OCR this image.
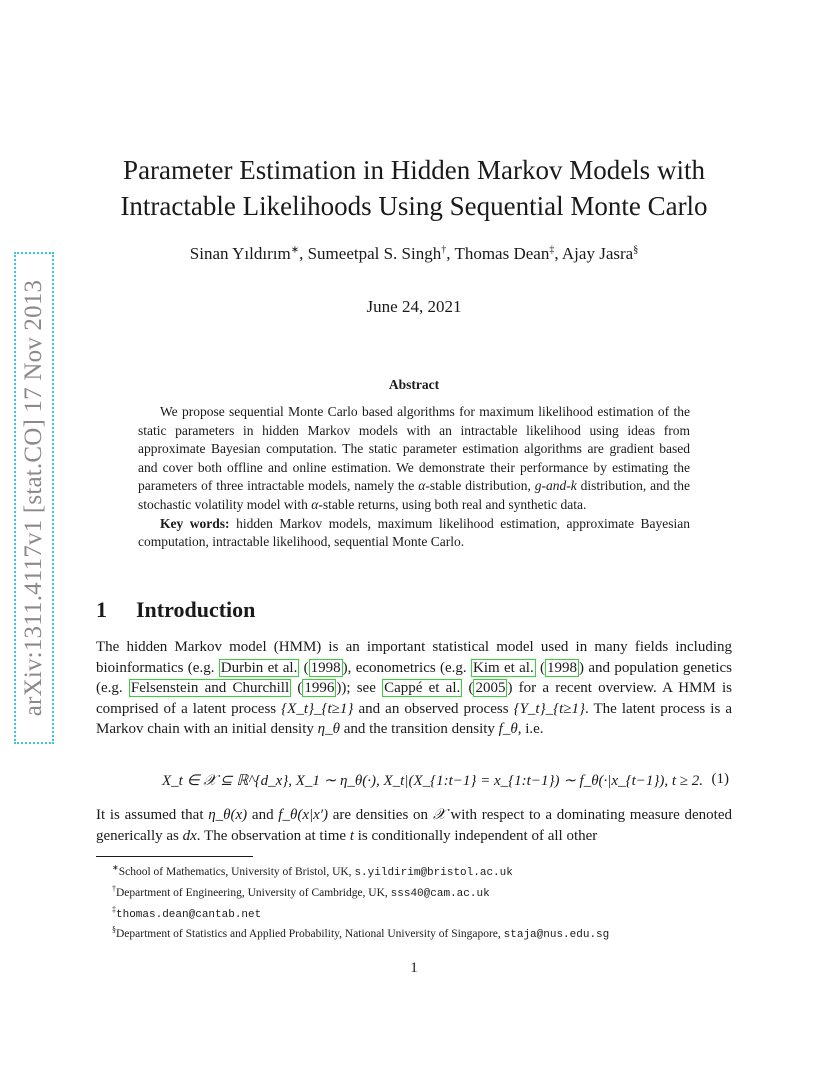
arXiv:1311.4117v1 [stat.CO] 17 Nov 2013
Parameter Estimation in Hidden Markov Models with
Intractable Likelihoods Using Sequential Monte Carlo
Sinan Yıldırım∗, Sumeetpal S. Singh†, Thomas Dean‡, Ajay Jasra§
June 24, 2021
Abstract

We propose sequential Monte Carlo based algorithms for maximum likelihood estimation of the static parameters in hidden Markov models with an intractable likelihood using ideas from approximate Bayesian computation. The static parameter estimation algorithms are gradient based and cover both offline and online estimation. We demonstrate their performance by estimating the parameters of three intractable models, namely the α-stable distribution, g-and-k distribution, and the stochastic volatility model with α-stable returns, using both real and synthetic data.

Key words: hidden Markov models, maximum likelihood estimation, approximate Bayesian computation, intractable likelihood, sequential Monte Carlo.

1 Introduction

The hidden Markov model (HMM) is an important statistical model used in many fields including bioinformatics (e.g. Durbin et al. ( 1998 ), econometrics (e.g. Kim et al. ( 1998 ) and population genetics (e.g. Felsenstein and Churchill ( 1996 )); see Cappé et al. ( 2005 ) for a recent overview. A HMM is comprised of a latent process {X_t}_{t≥1} and an observed process {Y_t}_{t≥1}. The latent process is a Markov chain with an initial density η_θ and the transition density f_θ, i.e.

X_t ∈ 𝒳 ⊆ ℝ^{d_x}, X_1 ∼ η_θ(·), X_t|(X_{1:t−1} = x_{1:t−1}) ∼ f_θ(·|x_{t−1}), t ≥ 2. (1)

It is assumed that η_θ(x) and f_θ(x|x′) are densities on 𝒳 with respect to a dominating measure denoted generically as dx. The observation at time t is conditionally independent of all other

∗School of Mathematics, University of Bristol, UK, s.yildirim@bristol.ac.uk
†Department of Engineering, University of Cambridge, UK, sss40@cam.ac.uk
‡thomas.dean@cantab.net
§Department of Statistics and Applied Probability, National University of Singapore, staja@nus.edu.sg
1
